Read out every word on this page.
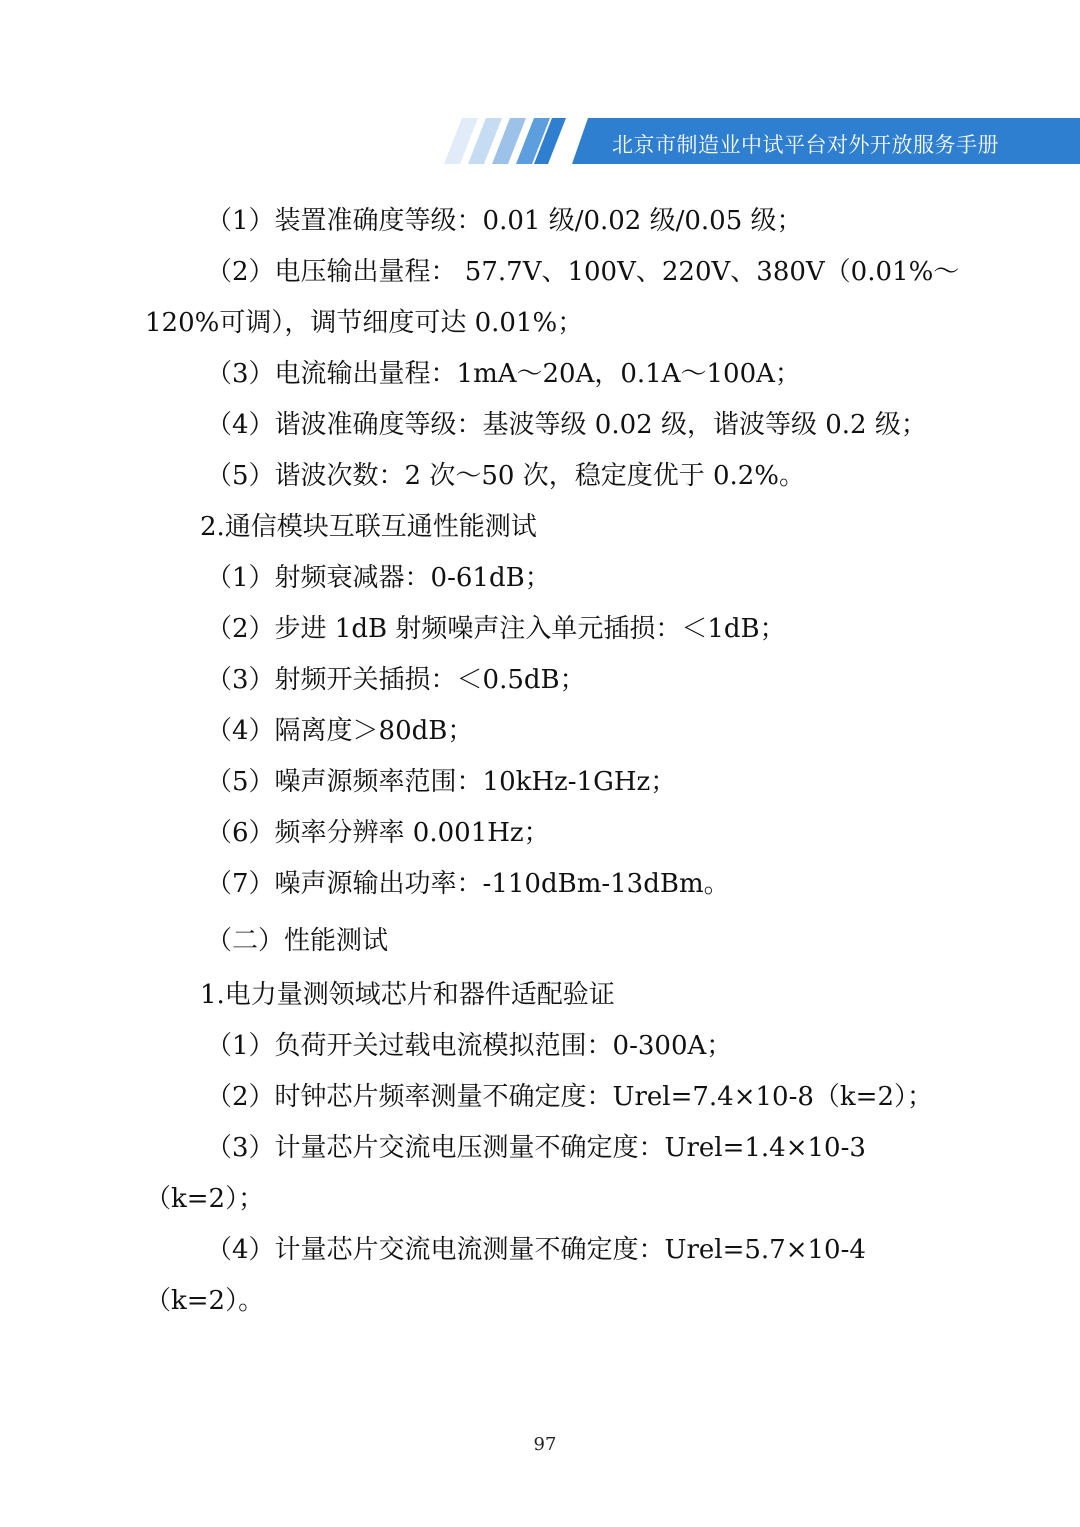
北京市制造业中试平台对外开放服务手册
（1）装置准确度等级：0.01 级/0.02 级/0.05 级；
（2）电压输出量程： 57.7V、100V、220V、380V（0.01%～
120%可调），调节细度可达 0.01%；
（3）电流输出量程：1mA～20A，0.1A～100A；
（4）谐波准确度等级：基波等级 0.02 级，谐波等级 0.2 级；
（5）谐波次数：2 次～50 次，稳定度优于 0.2%。
2.通信模块互联互通性能测试
（1）射频衰减器：0-61dB；
（2）步进 1dB 射频噪声注入单元插损：＜1dB；
（3）射频开关插损：＜0.5dB；
（4）隔离度＞80dB；
（5）噪声源频率范围：10kHz-1GHz；
（6）频率分辨率 0.001Hz；
（7）噪声源输出功率：-110dBm-13dBm。
（二）性能测试
1.电力量测领域芯片和器件适配验证
（1）负荷开关过载电流模拟范围：0-300A；
（2）时钟芯片频率测量不确定度：Urel=7.4×10-8（k=2）；
（3）计量芯片交流电压测量不确定度：Urel=1.4×10-3
（k=2）；
（4）计量芯片交流电流测量不确定度：Urel=5.7×10-4
（k=2）。
97
